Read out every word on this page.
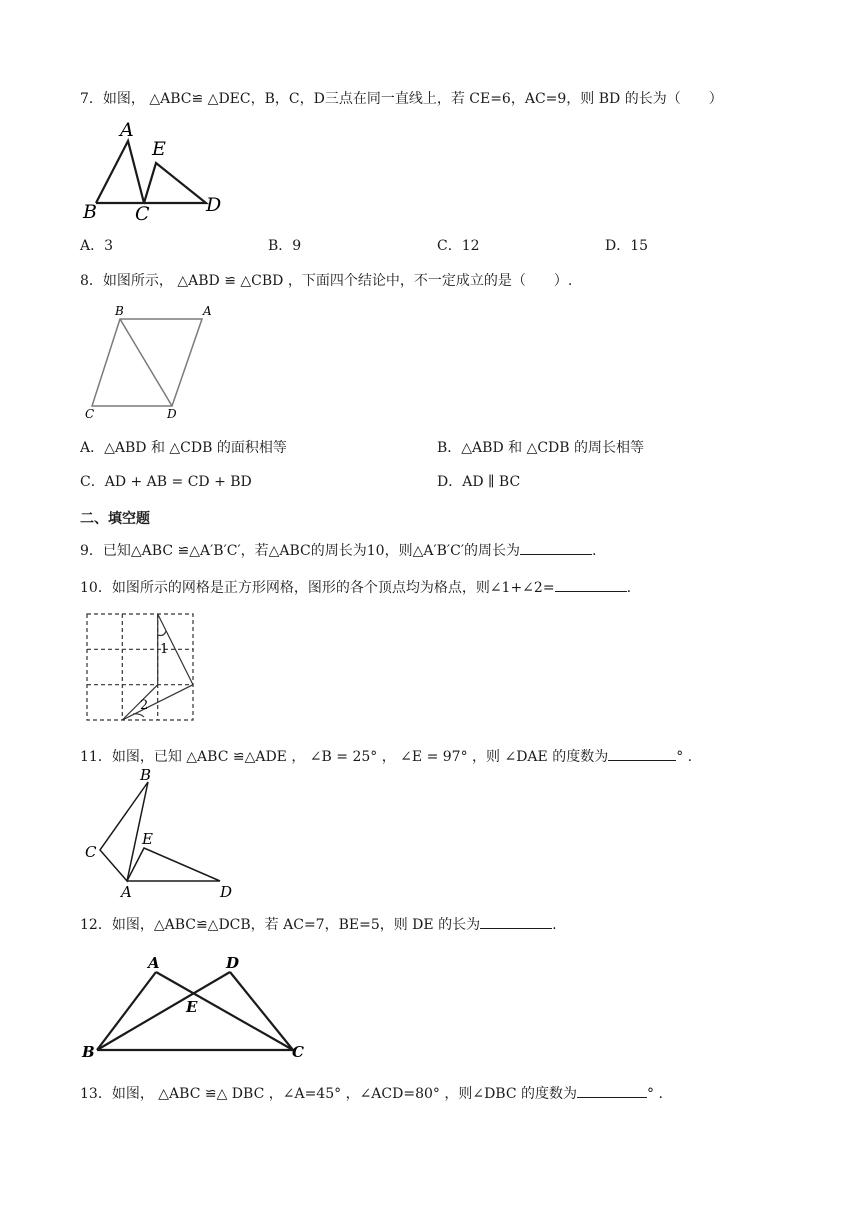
7．如图， △ABC≌ △DEC，B，C，D三点在同一直线上，若 CE=6，AC=9，则 BD 的长为（　　）
A
E
B C	D
A．3	B．9	C．12	D．15
8．如图所示， △ABD ≌ △CBD ，下面四个结论中，不一定成立的是（　　）.
B	A
C	D
A．△ABD 和 △CDB 的面积相等	B．△ABD 和 △CDB 的周长相等
C．AD + AB = CD + BD	D．AD ∥ BC
二、填空题
9．已知△ABC ≌△A′B′C′，若△ABC的周长为10，则△A′B′C′的周长为	.
10．如图所示的网格是正方形网格，图形的各个顶点均为格点，则∠1+∠2=	.
1
2
11．如图，已知 △ABC ≌△ADE ， ∠B = 25° ， ∠E = 97° ，则 ∠DAE 的度数为	° .
B
C
E
A	D
12．如图，△ABC≌△DCB，若 AC=7，BE=5，则 DE 的长为	.
A	D
E
B	C
13．如图， △ABC ≌△ DBC ，∠A=45° ，∠ACD=80° ，则∠DBC 的度数为	° .
